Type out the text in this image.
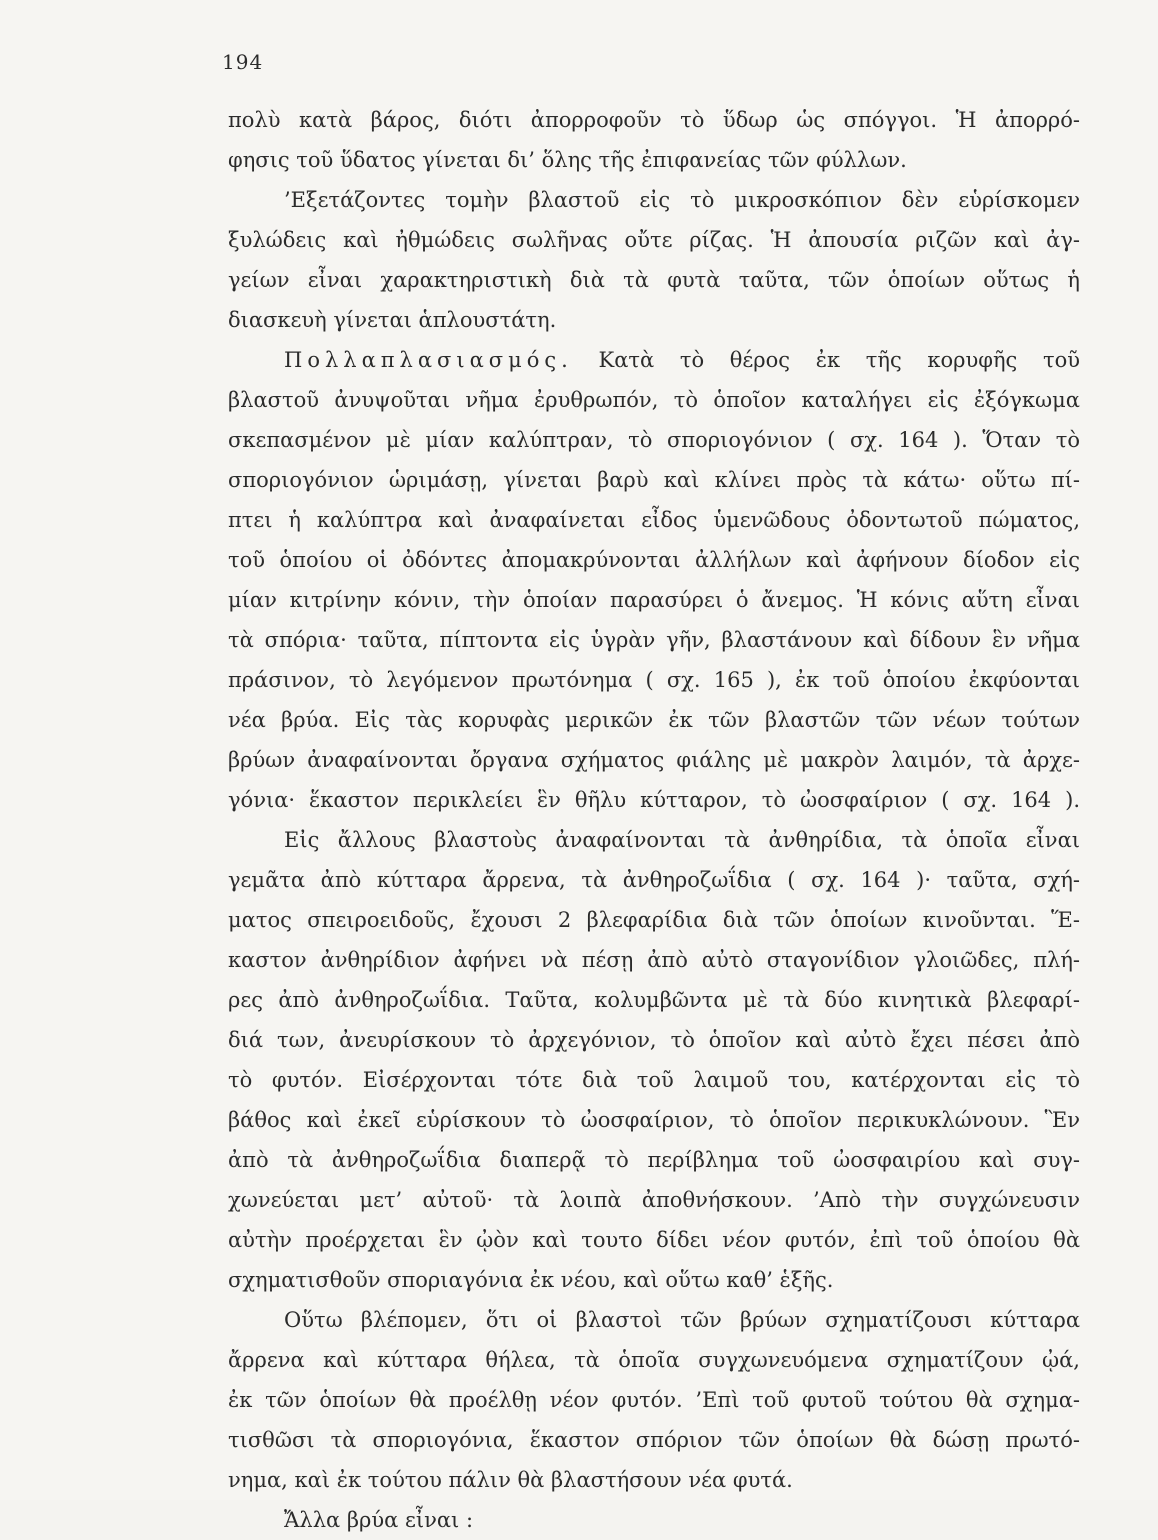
194
πολὺ κατὰ βάρος, διότι ἀπορροφοῦν τὸ ὕδωρ ὡς σπόγγοι. Ἡ ἀπορρό-
φησις τοῦ ὕδατος γίνεται δι’ ὅλης τῆς ἐπιφανείας τῶν φύλλων.
’Εξετάζοντες τομὴν βλαστοῦ εἰς τὸ μικροσκόπιον δὲν εὑρίσκομεν
ξυλώδεις καὶ ἠθμώδεις σωλῆνας οὔτε ρίζας. Ἡ ἀπουσία ριζῶν καὶ ἀγ-
γείων εἶναι χαρακτηριστικὴ διὰ τὰ φυτὰ ταῦτα, τῶν ὁποίων οὕτως ἡ
διασκευὴ γίνεται ἁπλουστάτη.
Πολλαπλασιασμός. Κατὰ τὸ θέρος ἐκ τῆς κορυφῆς τοῦ
βλαστοῦ ἀνυψοῦται νῆμα ἐρυθρωπόν, τὸ ὁποῖον καταλήγει εἰς ἐξόγκωμα
σκεπασμένον μὲ μίαν καλύπτραν, τὸ σποριογόνιον ( σχ. 164 ). Ὅταν τὸ
σποριογόνιον ὡριμάσῃ, γίνεται βαρὺ καὶ κλίνει πρὸς τὰ κάτω· οὕτω πί-
πτει ἡ καλύπτρα καὶ ἀναφαίνεται εἶδος ὑμενῶδους ὀδοντωτοῦ πώματος,
τοῦ ὁποίου οἱ ὀδόντες ἀπομακρύνονται ἀλλήλων καὶ ἀφήνουν δίοδον εἰς
μίαν κιτρίνην κόνιν, τὴν ὁποίαν παρασύρει ὁ ἄνεμος. Ἡ κόνις αὕτη εἶναι
τὰ σπόρια· ταῦτα, πίπτοντα εἰς ὑγρὰν γῆν, βλαστάνουν καὶ δίδουν ἓν νῆμα
πράσινον, τὸ λεγόμενον πρωτόνημα ( σχ. 165 ), ἐκ τοῦ ὁποίου ἐκφύονται
νέα βρύα. Εἰς τὰς κορυφὰς μερικῶν ἐκ τῶν βλαστῶν τῶν νέων τούτων
βρύων ἀναφαίνονται ὄργανα σχήματος φιάλης μὲ μακρὸν λαιμόν, τὰ ἀρχε-
γόνια· ἕκαστον περικλείει ἓν θῆλυ κύτταρον, τὸ ὠοσφαίριον ( σχ. 164 ).
Εἰς ἄλλους βλαστοὺς ἀναφαίνονται τὰ ἀνθηρίδια, τὰ ὁποῖα εἶναι
γεμᾶτα ἀπὸ κύτταρα ἄρρενα, τὰ ἀνθηροζωΐδια ( σχ. 164 )· ταῦτα, σχή-
ματος σπειροειδοῦς, ἔχουσι 2 βλεφαρίδια διὰ τῶν ὁποίων κινοῦνται. Ἕ-
καστον ἀνθηρίδιον ἀφήνει νὰ πέσῃ ἀπὸ αὐτὸ σταγονίδιον γλοιῶδες, πλή-
ρες ἀπὸ ἀνθηροζωΐδια. Ταῦτα, κολυμβῶντα μὲ τὰ δύο κινητικὰ βλεφαρί-
διά των, ἀνευρίσκουν τὸ ἀρχεγόνιον, τὸ ὁποῖον καὶ αὐτὸ ἔχει πέσει ἀπὸ
τὸ φυτόν. Εἰσέρχονται τότε διὰ τοῦ λαιμοῦ του, κατέρχονται εἰς τὸ
βάθος καὶ ἐκεῖ εὑρίσκουν τὸ ὠοσφαίριον, τὸ ὁποῖον περικυκλώνουν. Ἓν
ἀπὸ τὰ ἀνθηροζωΐδια διαπερᾷ τὸ περίβλημα τοῦ ὠοσφαιρίου καὶ συγ-
χωνεύεται μετ’ αὐτοῦ· τὰ λοιπὰ ἀποθνήσκουν. ’Απὸ τὴν συγχώνευσιν
αὐτὴν προέρχεται ἓν ᾠὸν καὶ τουτο δίδει νέον φυτόν, ἐπὶ τοῦ ὁποίου θὰ
σχηματισθοῦν σποριαγόνια ἐκ νέου, καὶ οὕτω καθ’ ἑξῆς.
Οὕτω βλέπομεν, ὅτι οἱ βλαστοὶ τῶν βρύων σχηματίζουσι κύτταρα
ἄρρενα καὶ κύτταρα θήλεα, τὰ ὁποῖα συγχωνευόμενα σχηματίζουν ᾠά,
ἐκ τῶν ὁποίων θὰ προέλθῃ νέον φυτόν. ’Επὶ τοῦ φυτοῦ τούτου θὰ σχημα-
τισθῶσι τὰ σποριογόνια, ἕκαστον σπόριον τῶν ὁποίων θὰ δώσῃ πρωτό-
νημα, καὶ ἐκ τούτου πάλιν θὰ βλαστήσουν νέα φυτά.
Ἄλλα βρύα εἶναι :
